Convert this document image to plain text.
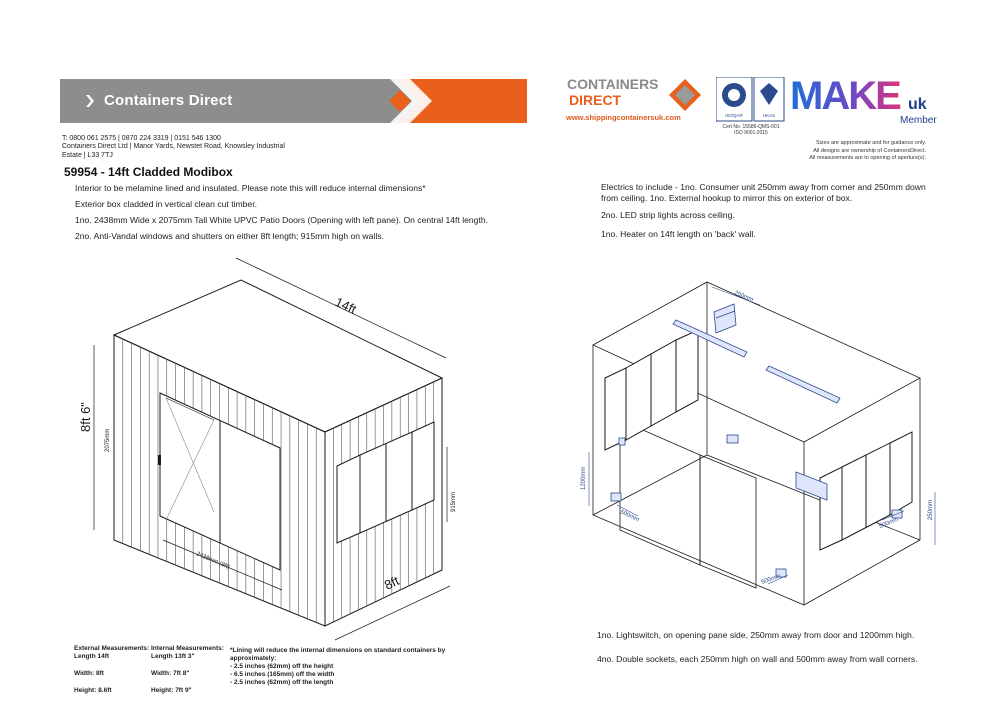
Containers Direct
CONTAINERS
DIRECT
www.shippingcontainersuk.com	ISOQAR	UKAS
Cert No. 15586-QMS-001
ISO 9001:2015
MAKE uk
Member
T: 0800 061 2575 | 0870 224 3319 | 0151 546 1300
Containers Direct Ltd | Manor Yards, Newstet Road, Knowsley Industrial
Estate | L33 7TJ
Sizes are approximate and for guidance only.
All designs are ownership of ContainersDirect.
All measurements are to opening of aperture(s).
59954 - 14ft Cladded Modibox
Interior to be melamine lined and insulated. Please note this will reduce internal dimensions*
Exterior box cladded in vertical clean cut timber.
1no. 2438mm Wide x 2075mm Tall White UPVC Patio Doors (Opening with left pane). On central 14ft length.
2no. Anti-Vandal windows and shutters on either 8ft length; 915mm high on walls.
Electrics to include - 1no. Consumer unit 250mm away from corner and 250mm down from ceiling. 1no. External hookup to mirror this on exterior of box.
2no. LED strip lights across ceiling.
1no. Heater on 14ft length on 'back' wall.
14ft
8ft 6"
8ft
2075mm
2438mm (8ft)
915mm
250mm
1200mm
500mm
500mm
500mm
250mm
1no. Lightswitch, on opening pane side, 250mm away from door and 1200mm high.
4no. Double sockets, each 250mm high on wall and 500mm away from wall corners.
External Measurements:
Length 14ft
Width: 8ft
Height: 8.6ft
Internal Measurements:
Length 13ft 3"
Width: 7ft 8"
Height: 7ft 9"
*Lining will reduce the internal dimensions on standard containers by
approximately:
- 2.5 inches (62mm) off the height
- 6.5 inches (165mm) off the width
- 2.5 inches (62mm) off the length
